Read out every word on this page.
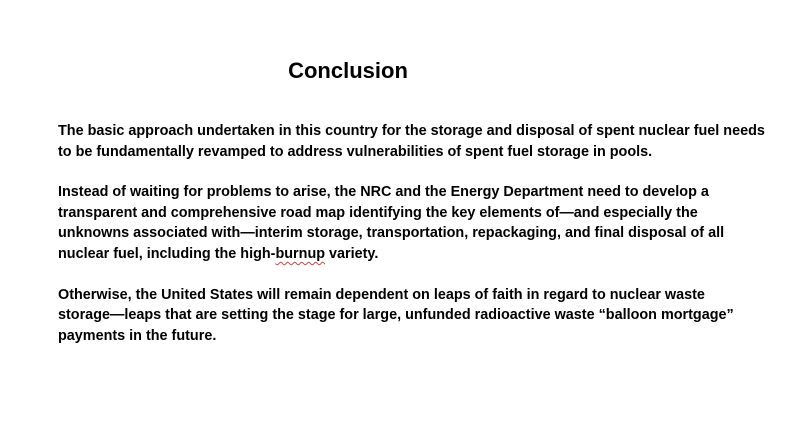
Conclusion

The basic approach undertaken in this country for the storage and disposal of spent nuclear fuel needs
to be fundamentally revamped to address vulnerabilities of spent fuel storage in pools.

Instead of waiting for problems to arise, the NRC and the Energy Department need to develop a
transparent and comprehensive road map identifying the key elements of—and especially the
unknowns associated with—interim storage, transportation, repackaging, and final disposal of all
nuclear fuel, including the high-burnup variety.

Otherwise, the United States will remain dependent on leaps of faith in regard to nuclear waste
storage—leaps that are setting the stage for large, unfunded radioactive waste “balloon mortgage”
payments in the future.
